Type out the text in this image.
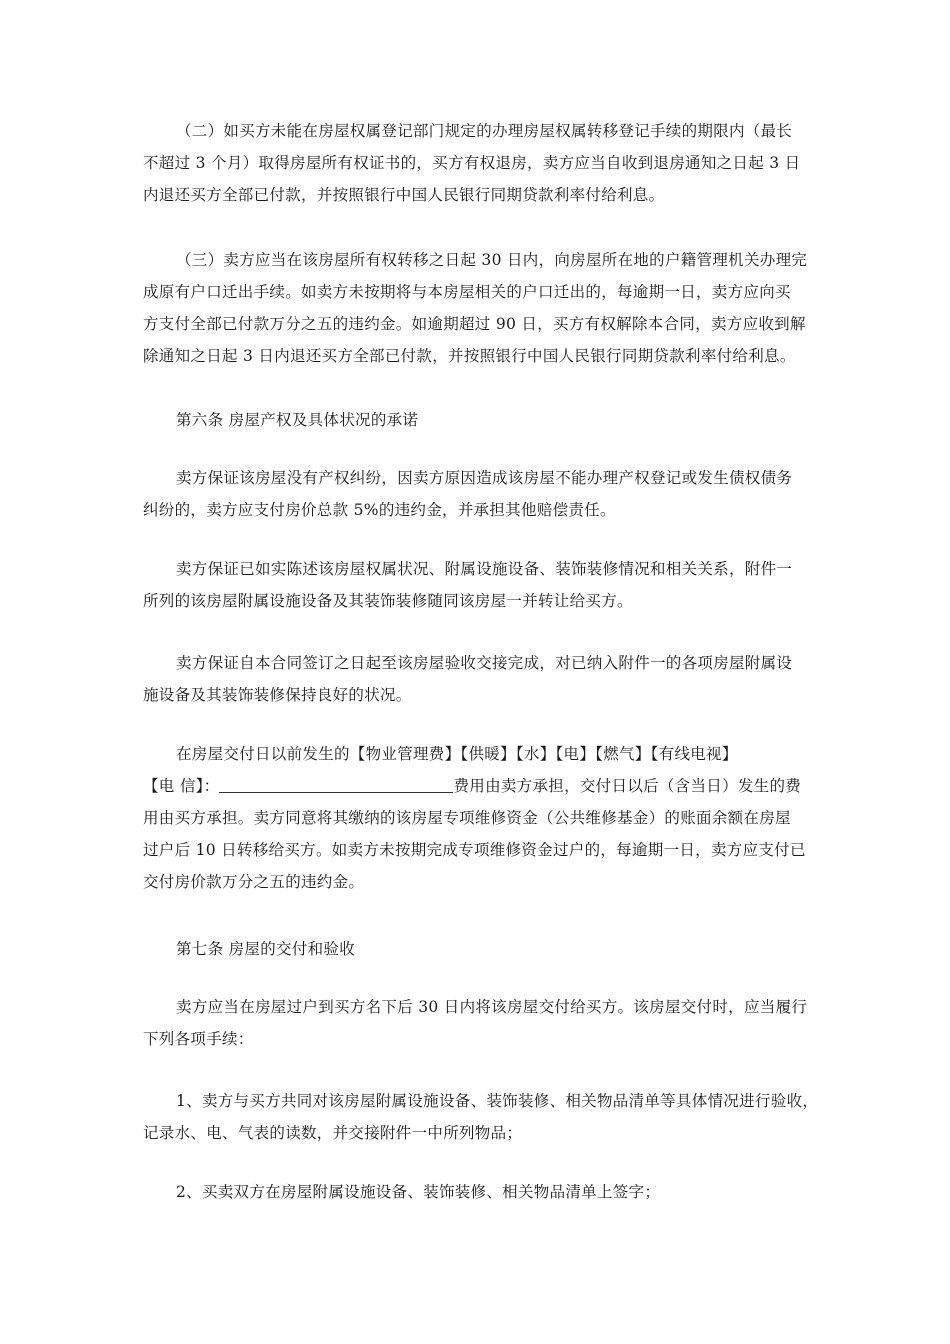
（二）如买方未能在房屋权属登记部门规定的办理房屋权属转移登记手续的期限内（最长
不超过 3 个月）取得房屋所有权证书的，买方有权退房，卖方应当自收到退房通知之日起 3 日
内退还买方全部已付款，并按照银行中国人民银行同期贷款利率付给利息。
（三）卖方应当在该房屋所有权转移之日起 30 日内，向房屋所在地的户籍管理机关办理完
成原有户口迁出手续。如卖方未按期将与本房屋相关的户口迁出的，每逾期一日，卖方应向买
方支付全部已付款万分之五的违约金。如逾期超过 90 日，买方有权解除本合同，卖方应收到解
除通知之日起 3 日内退还买方全部已付款，并按照银行中国人民银行同期贷款利率付给利息。
第六条 房屋产权及具体状况的承诺
卖方保证该房屋没有产权纠纷，因卖方原因造成该房屋不能办理产权登记或发生债权债务
纠纷的，卖方应支付房价总款 5%的违约金，并承担其他赔偿责任。
卖方保证已如实陈述该房屋权属状况、附属设施设备、装饰装修情况和相关关系，附件一
所列的该房屋附属设施设备及其装饰装修随同该房屋一并转让给买方。
卖方保证自本合同签订之日起至该房屋验收交接完成，对已纳入附件一的各项房屋附属设
施设备及其装饰装修保持良好的状况。
在房屋交付日以前发生的【物业管理费】【供暖】【水】【电】【燃气】【有线电视】
【电 信】：	费用由卖方承担，交付日以后（含当日）发生的费
用由买方承担。卖方同意将其缴纳的该房屋专项维修资金（公共维修基金）的账面余额在房屋
过户后 10 日转移给买方。如卖方未按期完成专项维修资金过户的，每逾期一日，卖方应支付已
交付房价款万分之五的违约金。
第七条 房屋的交付和验收
卖方应当在房屋过户到买方名下后 30 日内将该房屋交付给买方。该房屋交付时，应当履行
下列各项手续：
1、卖方与买方共同对该房屋附属设施设备、装饰装修、相关物品清单等具体情况进行验收，
记录水、电、气表的读数，并交接附件一中所列物品；
2、买卖双方在房屋附属设施设备、装饰装修、相关物品清单上签字；
